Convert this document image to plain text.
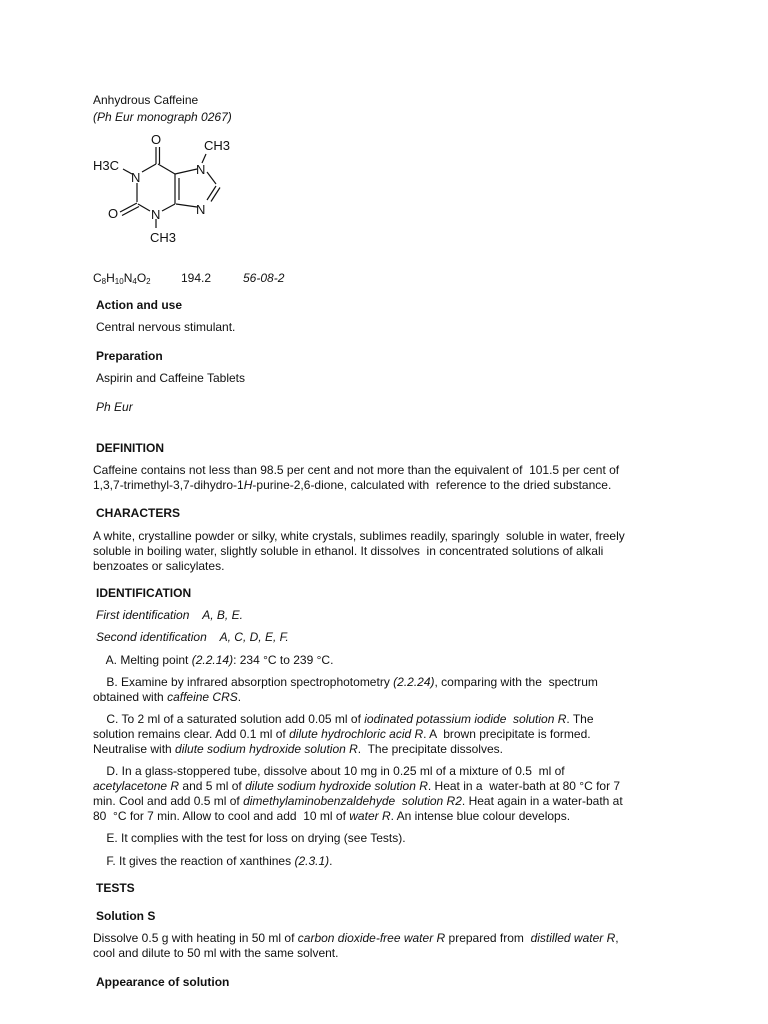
Anhydrous Caffeine
(Ph Eur monograph 0267)
O	CH3
H3C
N
N
N
N
O
CH3
$C_8H_{10}N_4O_2$	194.2	56-08-2
Action and use
Central nervous stimulant.
Preparation
Aspirin and Caffeine Tablets
Ph Eur
DEFINITION
Caffeine contains not less than 98.5 per cent and not more than the equivalent of  101.5 per cent of
1,3,7-trimethyl-3,7-dihydro-1H-purine-2,6-dione, calculated with  reference to the dried substance.
CHARACTERS
A white, crystalline powder or silky, white crystals, sublimes readily, sparingly  soluble in water, freely
soluble in boiling water, slightly soluble in ethanol. It dissolves  in concentrated solutions of alkali
benzoates or salicylates.
IDENTIFICATION
First identification    A, B, E.
Second identification    A, C, D, E, F.
A. Melting point (2.2.14): 234 °C to 239 °C.
B. Examine by infrared absorption spectrophotometry (2.2.24), comparing with the  spectrum
obtained with caffeine CRS.
C. To 2 ml of a saturated solution add 0.05 ml of iodinated potassium iodide  solution R. The
solution remains clear. Add 0.1 ml of dilute hydrochloric acid R. A  brown precipitate is formed.
Neutralise with dilute sodium hydroxide solution R.  The precipitate dissolves.
D. In a glass-stoppered tube, dissolve about 10 mg in 0.25 ml of a mixture of 0.5  ml of
acetylacetone R and 5 ml of dilute sodium hydroxide solution R. Heat in a  water-bath at 80 °C for 7
min. Cool and add 0.5 ml of dimethylaminobenzaldehyde  solution R2. Heat again in a water-bath at
80  °C for 7 min. Allow to cool and add  10 ml of water R. An intense blue colour develops.
E. It complies with the test for loss on drying (see Tests).
F. It gives the reaction of xanthines (2.3.1).
TESTS
Solution S
Dissolve 0.5 g with heating in 50 ml of carbon dioxide-free water R prepared from  distilled water R,
cool and dilute to 50 ml with the same solvent.
Appearance of solution
